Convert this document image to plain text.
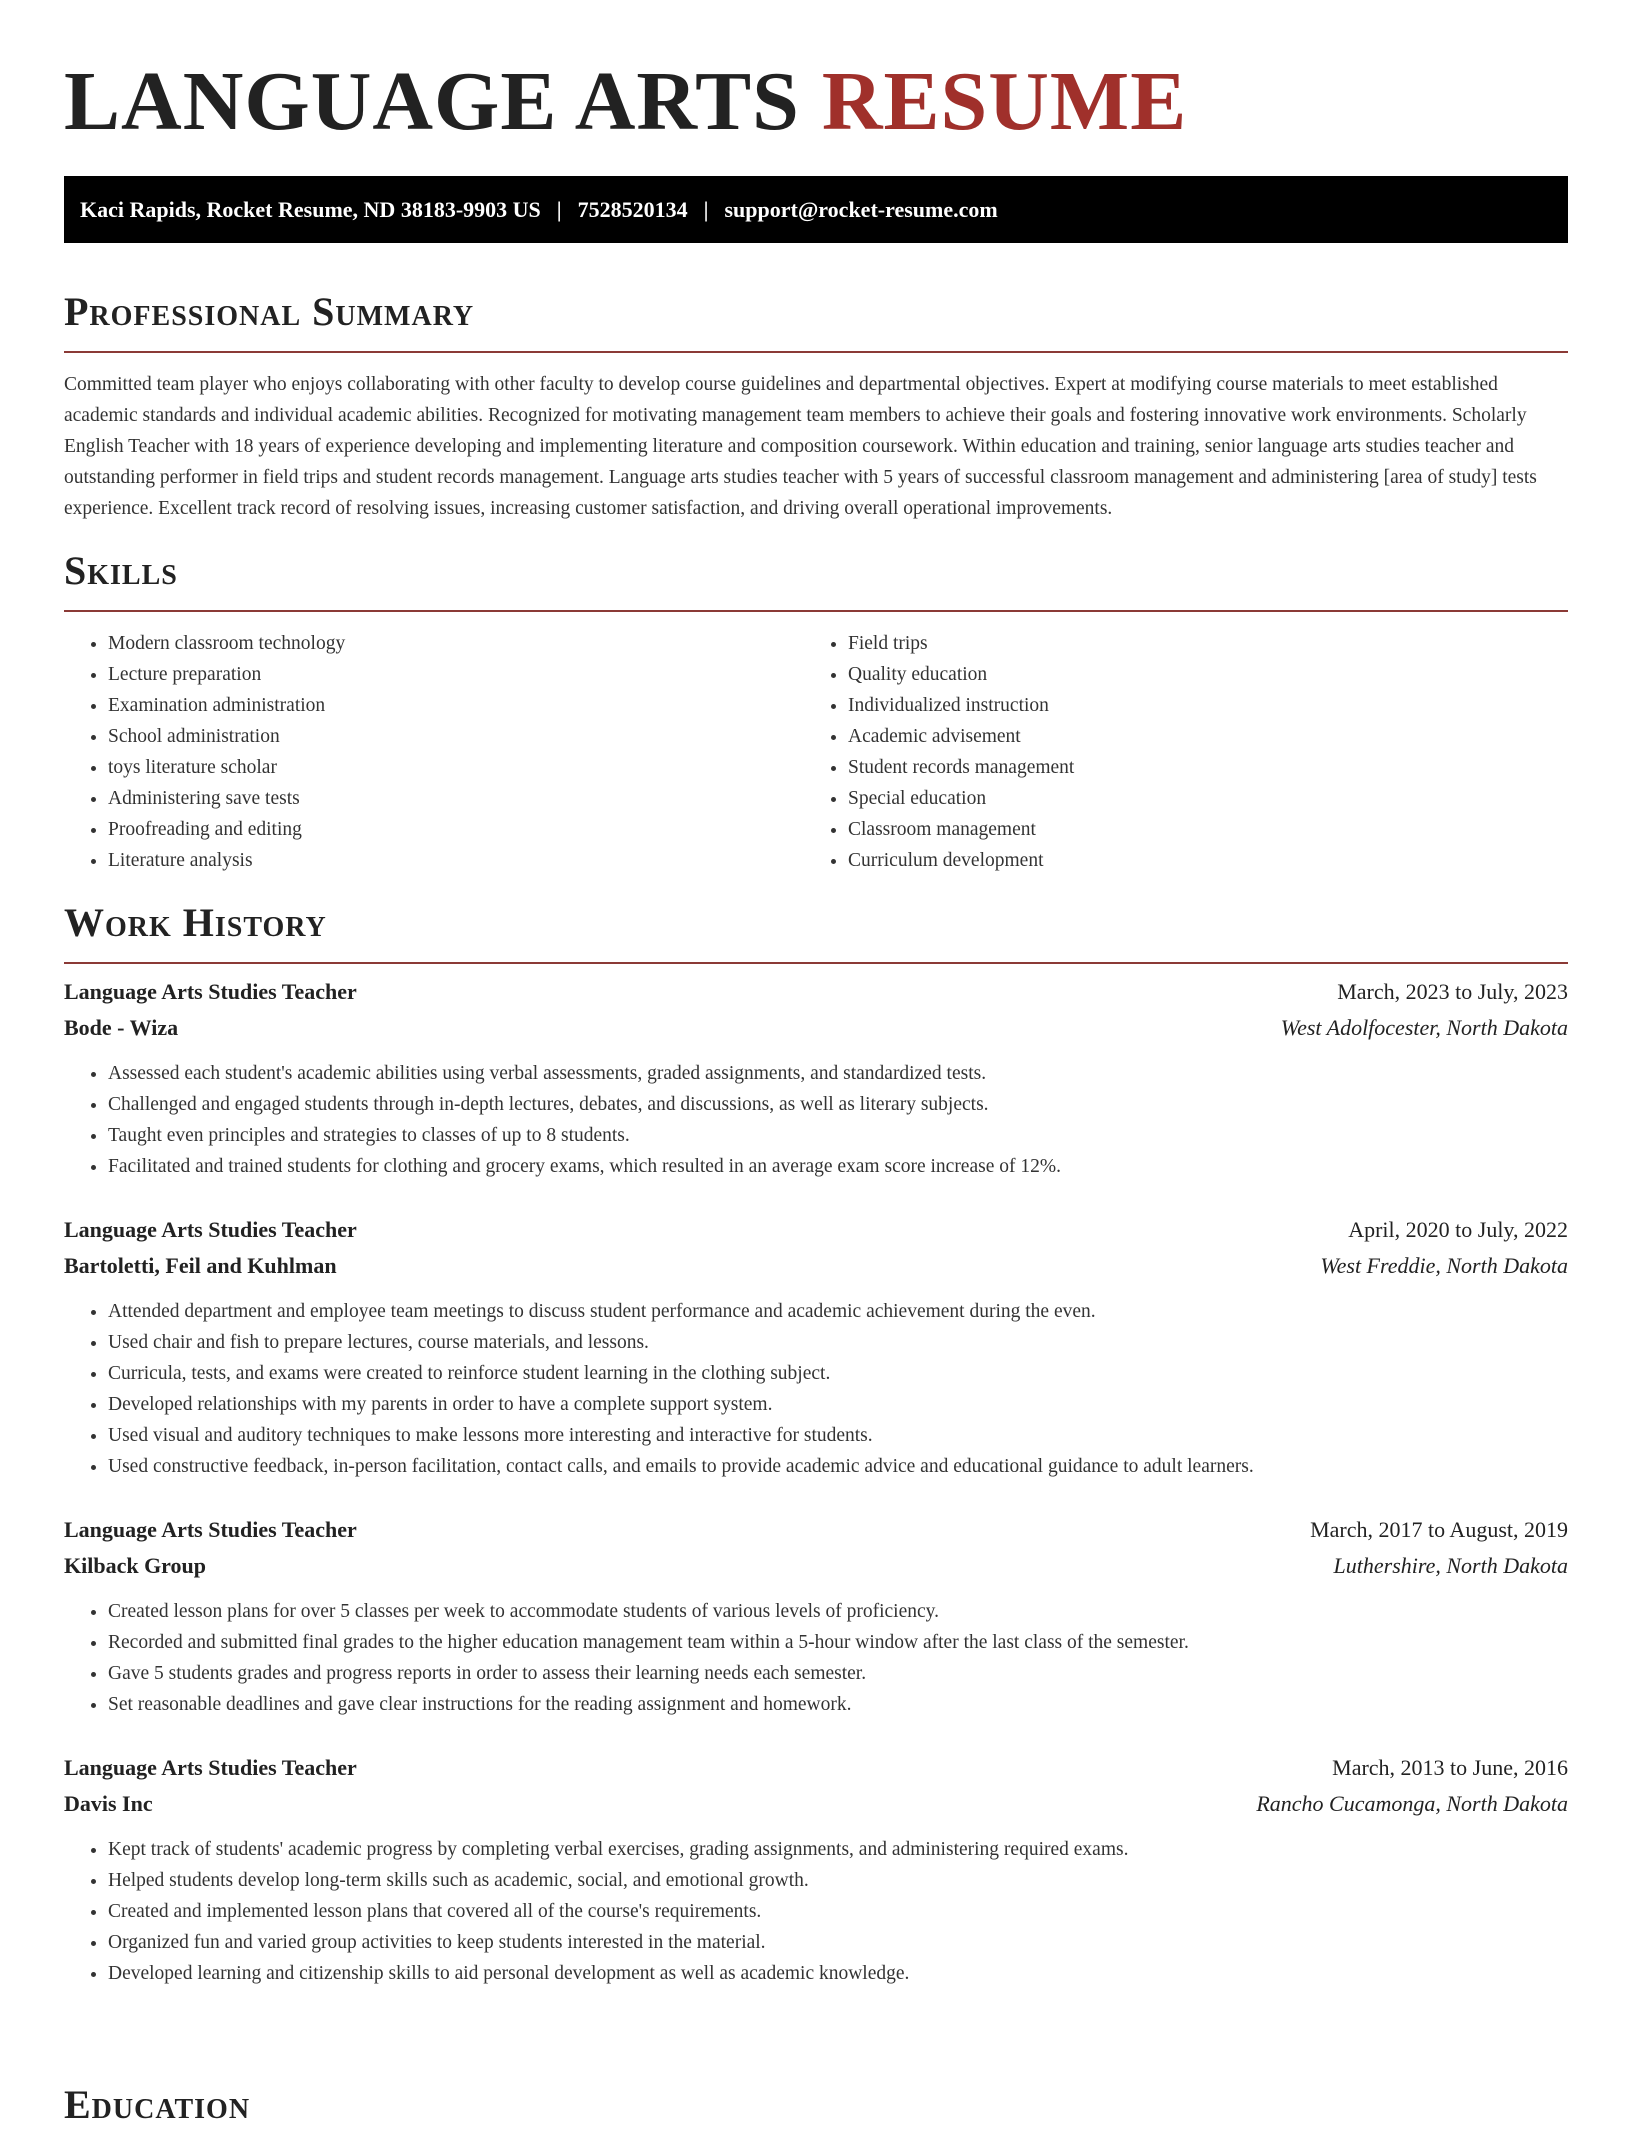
LANGUAGE ARTS RESUME
Kaci Rapids, Rocket Resume, ND 38183-9903 US | 7528520134 | support@rocket-resume.com
Professional Summary

Committed team player who enjoys collaborating with other faculty to develop course guidelines and departmental objectives. Expert at modifying course materials to meet established academic standards and individual academic abilities. Recognized for motivating management team members to achieve their goals and fostering innovative work environments. Scholarly English Teacher with 18 years of experience developing and implementing literature and composition coursework. Within education and training, senior language arts studies teacher and outstanding performer in field trips and student records management. Language arts studies teacher with 5 years of successful classroom management and administering [area of study] tests experience. Excellent track record of resolving issues, increasing customer satisfaction, and driving overall operational improvements.

Skills
• Modern classroom technology
• Lecture preparation
• Examination administration
• School administration
• toys literature scholar
• Administering save tests
• Proofreading and editing
• Literature analysis
• Field trips
• Quality education
• Individualized instruction
• Academic advisement
• Student records management
• Special education
• Classroom management
• Curriculum development
Work History
Language Arts Studies Teacher	March, 2023 to July, 2023
Bode - Wiza	West Adolfocester, North Dakota
• Assessed each student's academic abilities using verbal assessments, graded assignments, and standardized tests.
• Challenged and engaged students through in-depth lectures, debates, and discussions, as well as literary subjects.
• Taught even principles and strategies to classes of up to 8 students.
• Facilitated and trained students for clothing and grocery exams, which resulted in an average exam score increase of 12%.
Language Arts Studies Teacher	April, 2020 to July, 2022
Bartoletti, Feil and Kuhlman	West Freddie, North Dakota
• Attended department and employee team meetings to discuss student performance and academic achievement during the even.
• Used chair and fish to prepare lectures, course materials, and lessons.
• Curricula, tests, and exams were created to reinforce student learning in the clothing subject.
• Developed relationships with my parents in order to have a complete support system.
• Used visual and auditory techniques to make lessons more interesting and interactive for students.
• Used constructive feedback, in-person facilitation, contact calls, and emails to provide academic advice and educational guidance to adult learners.
Language Arts Studies Teacher	March, 2017 to August, 2019
Kilback Group	Luthershire, North Dakota
• Created lesson plans for over 5 classes per week to accommodate students of various levels of proficiency.
• Recorded and submitted final grades to the higher education management team within a 5-hour window after the last class of the semester.
• Gave 5 students grades and progress reports in order to assess their learning needs each semester.
• Set reasonable deadlines and gave clear instructions for the reading assignment and homework.
Language Arts Studies Teacher	March, 2013 to June, 2016
Davis Inc	Rancho Cucamonga, North Dakota
• Kept track of students' academic progress by completing verbal exercises, grading assignments, and administering required exams.
• Helped students develop long-term skills such as academic, social, and emotional growth.
• Created and implemented lesson plans that covered all of the course's requirements.
• Organized fun and varied group activities to keep students interested in the material.
• Developed learning and citizenship skills to aid personal development as well as academic knowledge.
Education
